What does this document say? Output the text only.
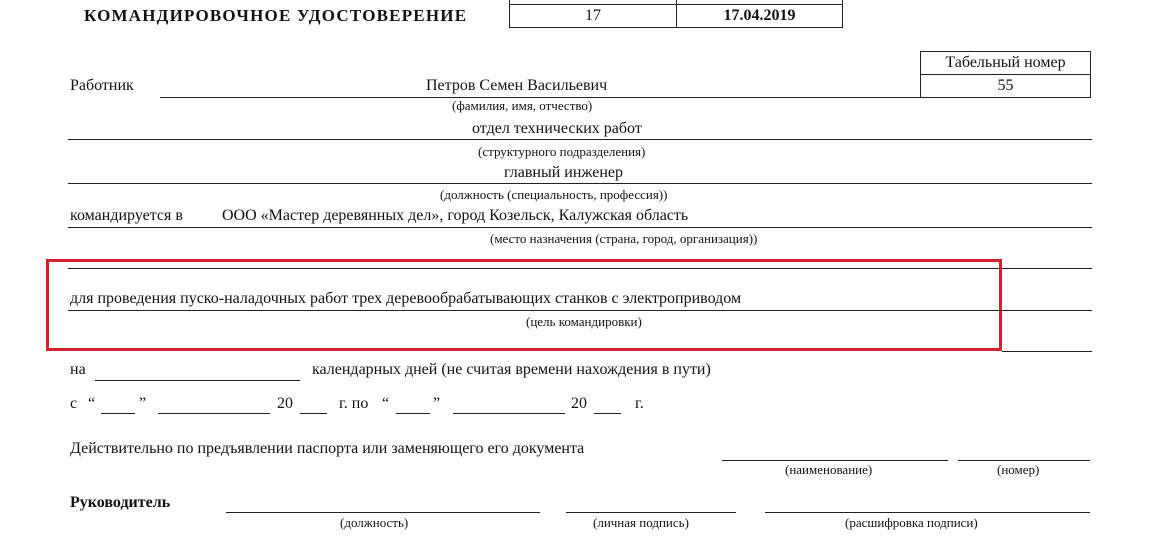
КОМАНДИРОВОЧНОЕ УДОСТОВЕРЕНИЕ	17	17.04.2019
Табельный номер
55
Работник	Петров Семен Васильевич
(фамилия, имя, отчество)
отдел технических работ
(структурного подразделения)
главный инженер
(должность (специальность, профессия))
командируется в ООО «Мастер деревянных дел», город Козельск, Калужская область
(место назначения (страна, город, организация))
для проведения пуско-наладочных работ трех деревообрабатывающих станков с электроприводом
(цель командировки)
на	календарных дней (не считая времени нахождения в пути)
с “	”	20	г. по “	”	20	г.
Действительно по предъявлении паспорта или заменяющего его документа
(наименование)	(номер)
Руководитель
(должность)	(личная подпись)	(расшифровка подписи)
